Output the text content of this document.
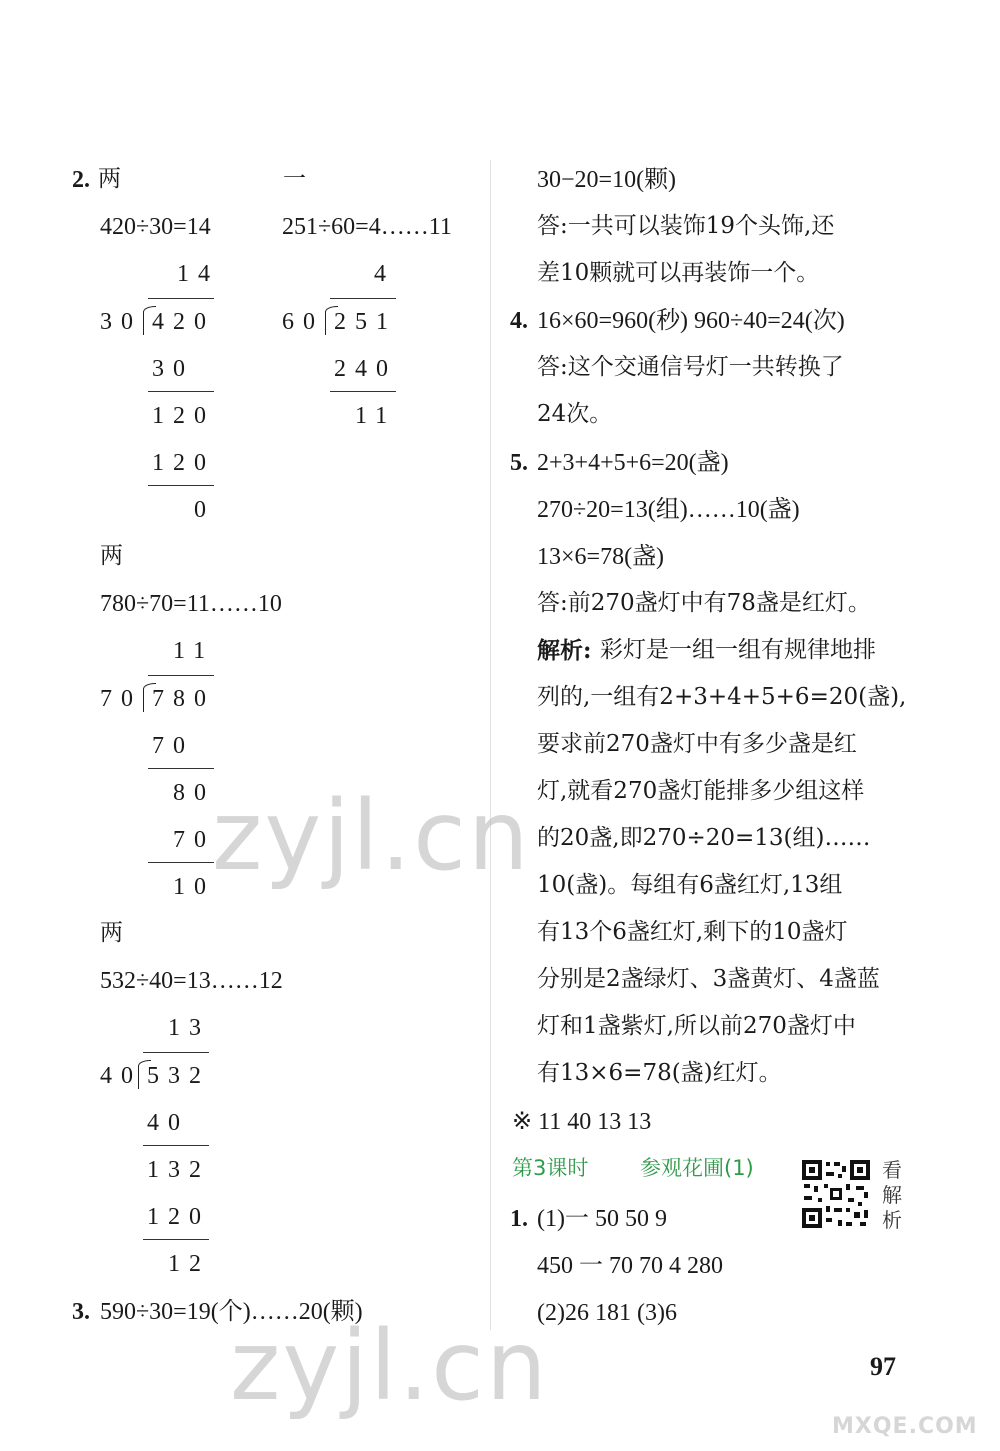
2. 两	一
420÷30=14	251÷60=4……11
14
30 420
30
120
120
0
4
60 251
240
11
两
780÷70=11……10
11
70 780
70
80
70
10
两
532÷40=13……12
13
40 532
40
132
120
12
3. 590÷30=19(个)……20(颗)
30−20=10(颗)
答:一共可以装饰19个头饰,还
差10颗就可以再装饰一个。
4. 16×60=960(秒) 960÷40=24(次)
答:这个交通信号灯一共转换了
24次。
5. 2+3+4+5+6=20(盏)
270÷20=13(组)……10(盏)
13×6=78(盏)
答:前270盏灯中有78盏是红灯。
解析: 彩灯是一组一组有规律地排
列的,一组有2+3+4+5+6=20(盏),
要求前270盏灯中有多少盏是红
灯,就看270盏灯能排多少组这样
的20盏,即270÷20=13(组)……
10(盏)。每组有6盏红灯,13组
有13个6盏红灯,剩下的10盏灯
分别是2盏绿灯、3盏黄灯、4盏蓝
灯和1盏紫灯,所以前270盏灯中
有13×6=78(盏)红灯。
※ 11 40 13 13
第3课时 参观花圃(1)	看
解
析
1. (1)一 50 50 9
450 一 70 70 4 280
(2)26 181 (3)6
97
zyjl.cn
zyjl.cn
MXQE.COM
